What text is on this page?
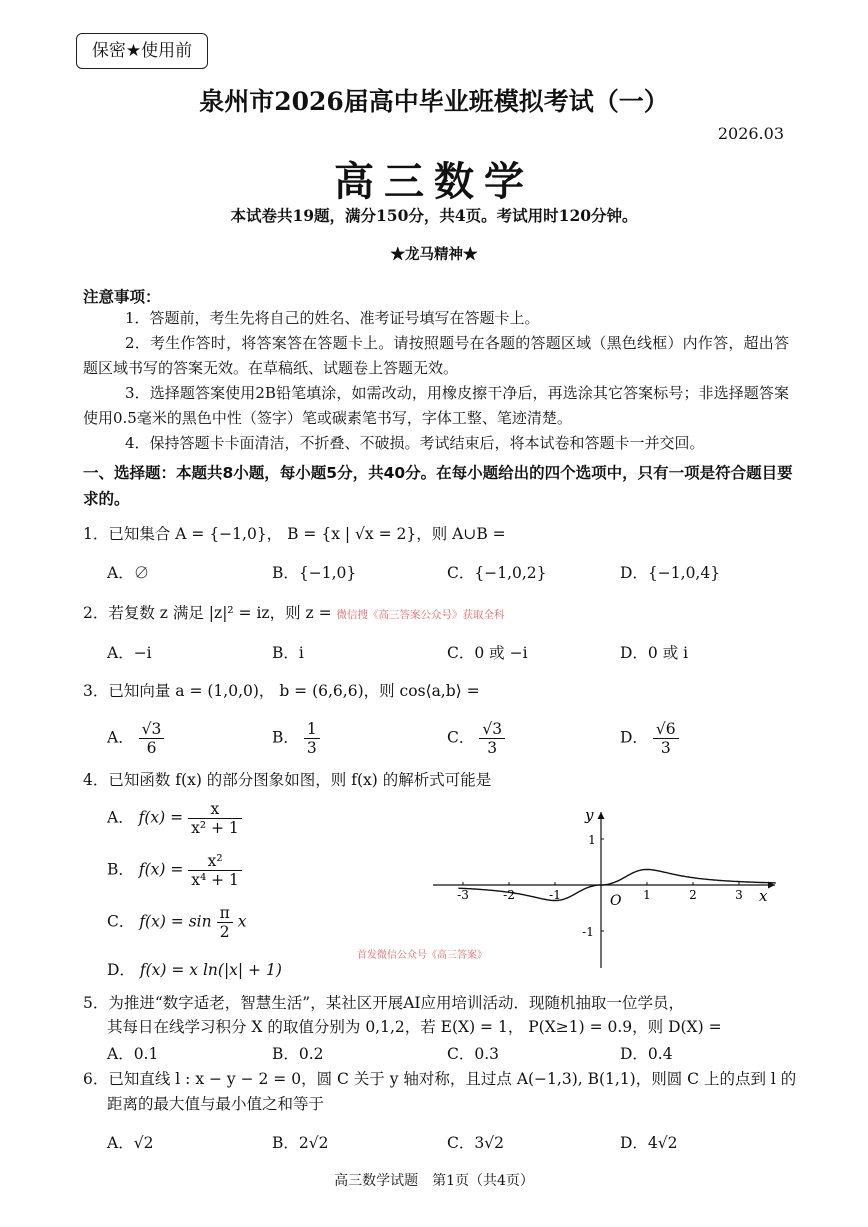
保密★使用前
泉州市2026届高中毕业班模拟考试（一）
2026.03
高三数学
本试卷共19题，满分150分，共4页。考试用时120分钟。
★龙马精神★
注意事项：
1．答题前，考生先将自己的姓名、准考证号填写在答题卡上。
2．考生作答时，将答案答在答题卡上。请按照题号在各题的答题区域（黑色线框）内作答，超出答题区域书写的答案无效。在草稿纸、试题卷上答题无效。
3．选择题答案使用2B铅笔填涂，如需改动，用橡皮擦干净后，再选涂其它答案标号；非选择题答案使用0.5毫米的黑色中性（签字）笔或碳素笔书写，字体工整、笔迹清楚。
4．保持答题卡卡面清洁，不折叠、不破损。考试结束后，将本试卷和答题卡一并交回。
一、选择题：本题共8小题，每小题5分，共40分。在每小题给出的四个选项中，只有一项是符合题目要求的。
1．已知集合 A = {−1,0}， B = {x | √x = 2}，则 A∪B =
A．∅	B．{−1,0}	C．{−1,0,2}	D．{−1,0,4}
2．若复数 z 满足 |z|² = iz，则 z = 微信搜《高三答案公众号》获取全科
A．−i	B．i	C．0 或 −i	D．0 或 i
3．已知向量 a = (1,0,0)， b = (6,6,6)，则 cos⟨a,b⟩ =
A． $\frac{√3}{6}$	B． $\frac{1}{3}$	C． $\frac{√3}{3}$	D． $\frac{√6}{3}$
4．已知函数 f(x) 的部分图象如图，则 f(x) 的解析式可能是
A． $f(x) = \frac{x}{\text{x² + 1}}$
B． $f(x) = \frac{\text{x²}}{\text{x⁴ + 1}}$
C． $f(x) = \sin \frac{\pi}{2}$ x
D． f(x) = x ln(|x| + 1)
y
x
O
-3	-2	-1	1	2	3
1
-1
首发微信公众号《高三答案》
5．为推进“数字适老，智慧生活”，某社区开展AI应用培训活动．现随机抽取一位学员，
其每日在线学习积分 X 的取值分别为 0,1,2，若 E(X) = 1， P(X≥1) = 0.9，则 D(X) =
A．0.1	B．0.2	C．0.3	D．0.4
6．已知直线 l : x − y − 2 = 0，圆 C 关于 y 轴对称，且过点 A(−1,3), B(1,1)，则圆 C 上的点到 l 的
距离的最大值与最小值之和等于
A．√2	B．2√2	C．3√2	D．4√2
高三数学试题　第1页（共4页）
